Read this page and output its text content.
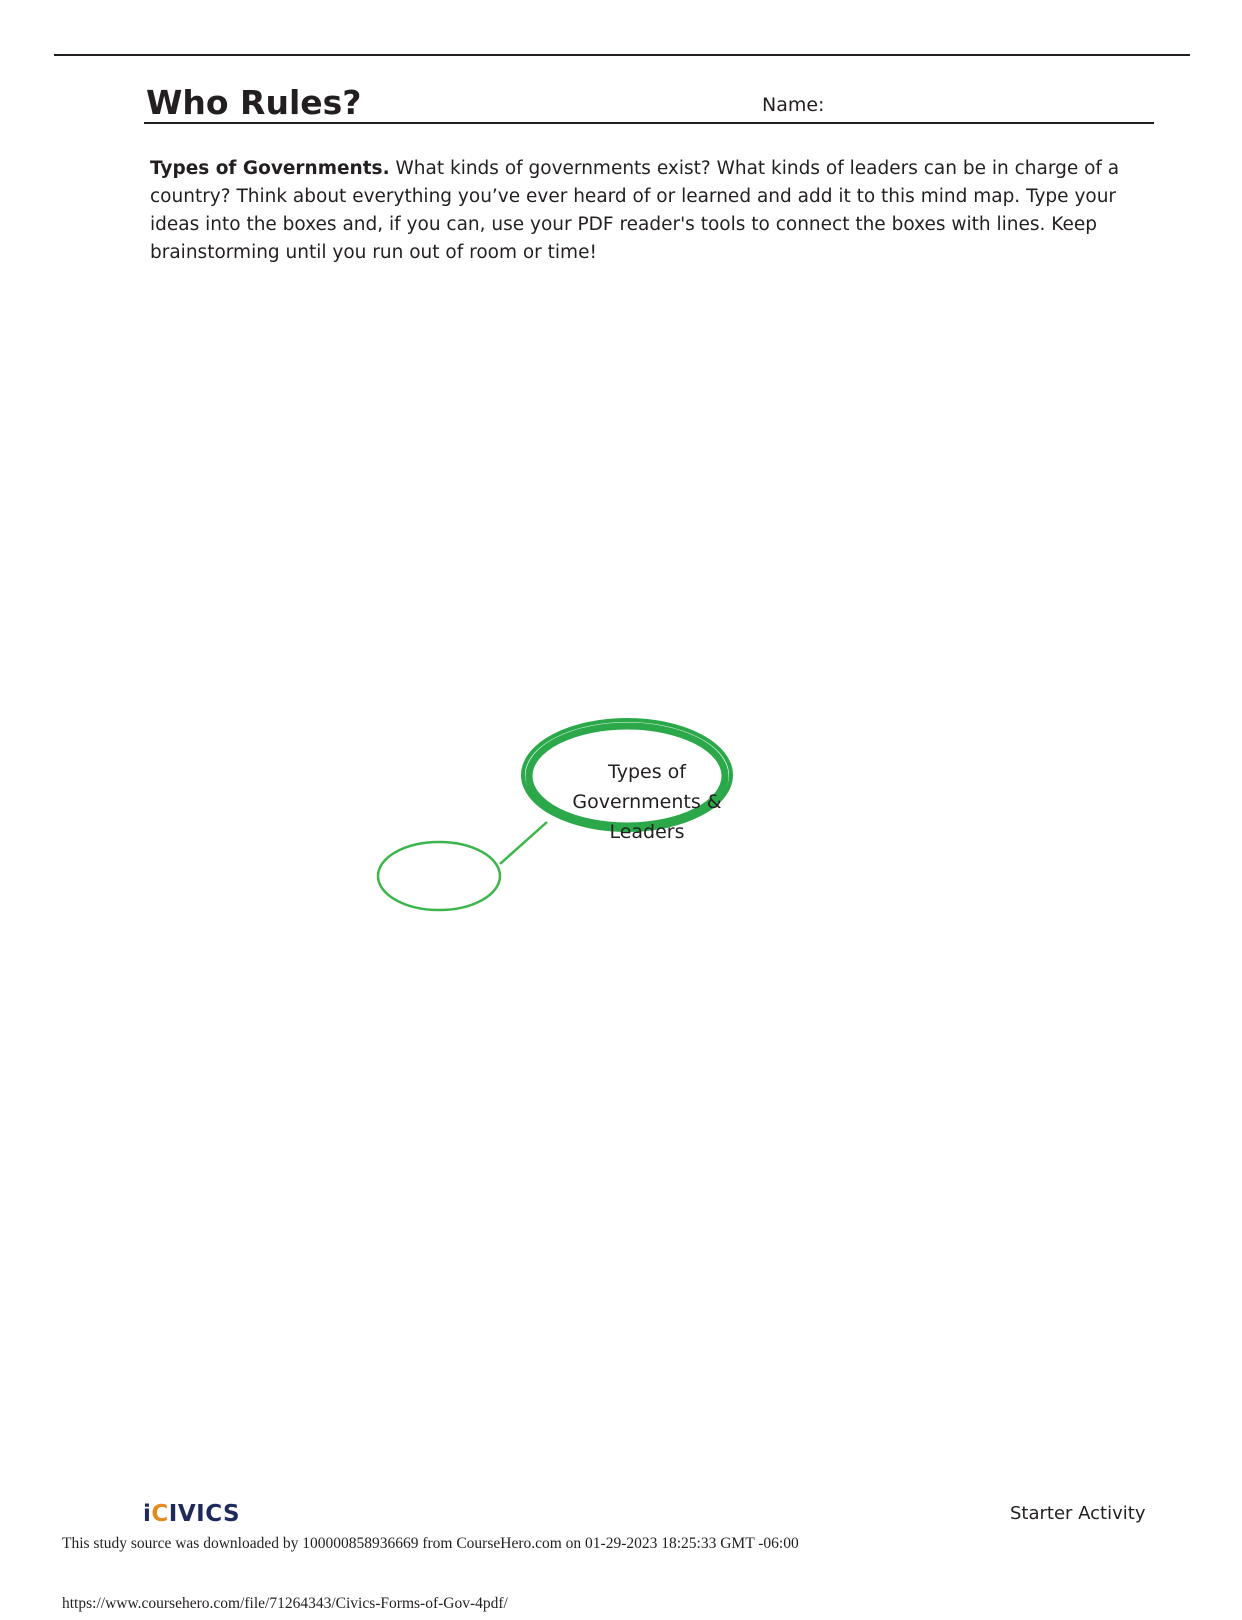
Who Rules?	Name:

Types of Governments. What kinds of governments exist? What kinds of leaders can be in charge of a country? Think about everything you’ve ever heard of or learned and add it to this mind map. Type your ideas into the boxes and, if you can, use your PDF reader's tools to connect the boxes with lines. Keep brainstorming until you run out of room or time!

Types of
Governments &
Leaders
iCIVICS	Starter Activity
This study source was downloaded by 100000858936669 from CourseHero.com on 01-29-2023 18:25:33 GMT -06:00
https://www.coursehero.com/file/71264343/Civics-Forms-of-Gov-4pdf/
